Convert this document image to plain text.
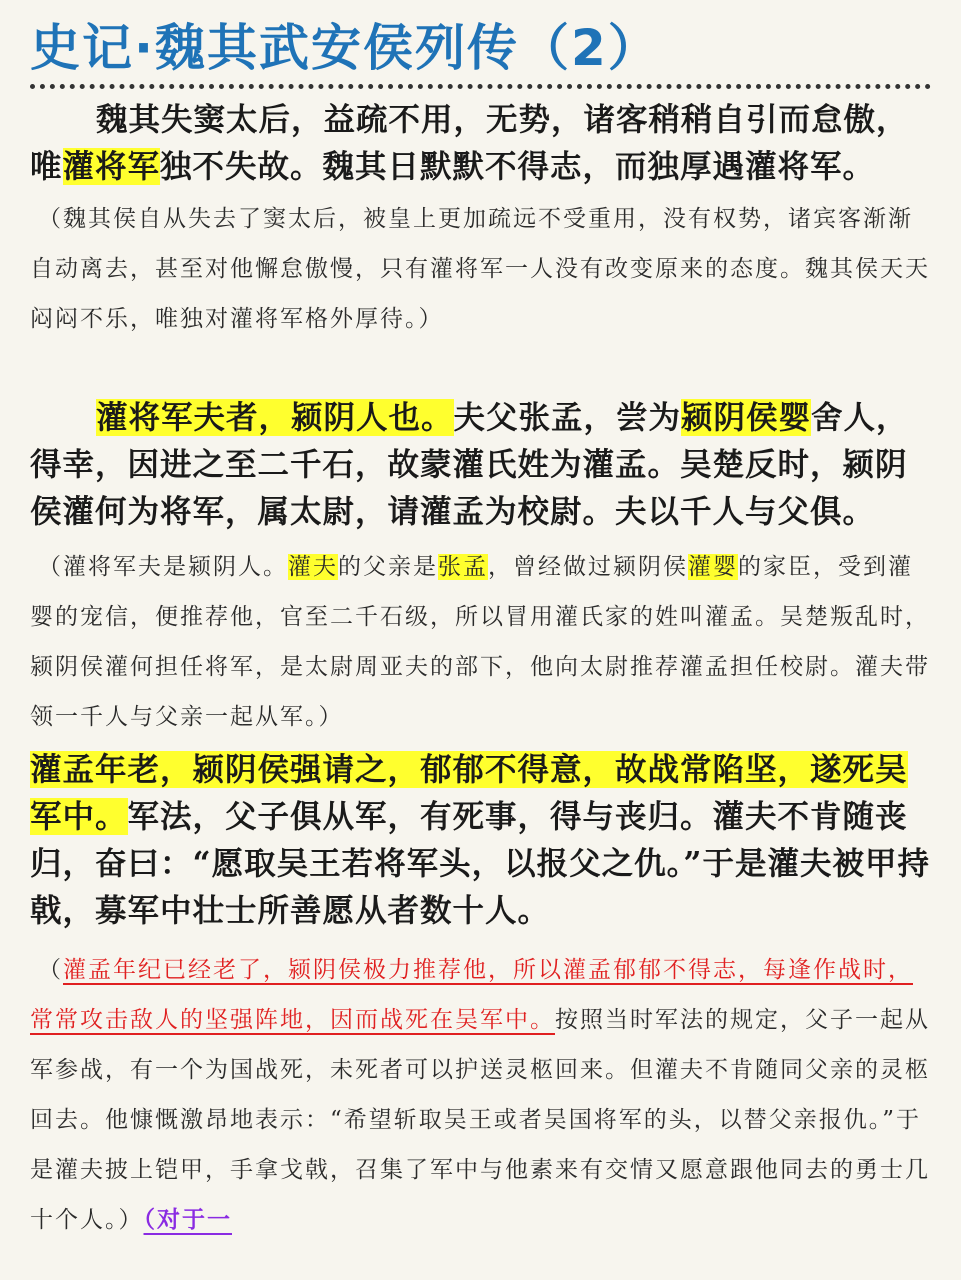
史记·魏其武安侯列传（2）
魏其失窦太后，益疏不用，无势，诸客稍稍自引而怠傲，唯灌将军独不失故。魏其日默默不得志，而独厚遇灌将军。
（魏其侯自从失去了窦太后，被皇上更加疏远不受重用，没有权势，诸宾客渐渐自动离去，甚至对他懈怠傲慢，只有灌将军一人没有改变原来的态度。魏其侯天天闷闷不乐，唯独对灌将军格外厚待。）
灌将军夫者，颍阴人也。夫父张孟，尝为颍阴侯婴舍人，得幸，因进之至二千石，故蒙灌氏姓为灌孟。吴楚反时，颍阴侯灌何为将军，属太尉，请灌孟为校尉。夫以千人与父俱。
（灌将军夫是颍阴人。灌夫的父亲是张孟，曾经做过颍阴侯灌婴的家臣，受到灌婴的宠信，便推荐他，官至二千石级，所以冒用灌氏家的姓叫灌孟。吴楚叛乱时，颍阴侯灌何担任将军，是太尉周亚夫的部下，他向太尉推荐灌孟担任校尉。灌夫带领一千人与父亲一起从军。）
灌孟年老，颍阴侯强请之，郁郁不得意，故战常陷坚，遂死吴军中。军法，父子俱从军，有死事，得与丧归。灌夫不肯随丧归，奋曰：“愿取吴王若将军头，以报父之仇。”于是灌夫被甲持戟，募军中壮士所善愿从者数十人。
（灌孟年纪已经老了，颍阴侯极力推荐他，所以灌孟郁郁不得志，每逢作战时，常常攻击敌人的坚强阵地，因而战死在吴军中。按照当时军法的规定，父子一起从军参战，有一个为国战死，未死者可以护送灵柩回来。但灌夫不肯随同父亲的灵柩回去。他慷慨激昂地表示：“希望斩取吴王或者吴国将军的头，以替父亲报仇。”于是灌夫披上铠甲，手拿戈戟，召集了军中与他素来有交情又愿意跟他同去的勇士几十个人。）（对于一
